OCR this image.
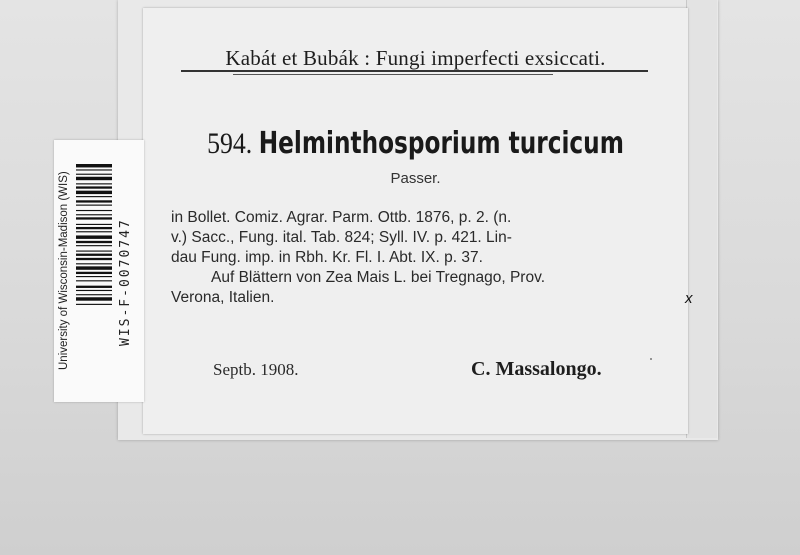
Kabát et Bubák : Fungi imperfecti exsiccati.
594. Helminthosporium turcicum
Passer.

in Bollet. Comiz. Agrar. Parm. Ottb. 1876, p. 2. (n.
v.) Sacc., Fung. ital. Tab. 824; Syll. IV. p. 421. Lin-
dau Fung. imp. in Rbh. Kr. Fl. I. Abt. IX. p. 37.
Auf Blättern von Zea Mais L. bei Tregnago, Prov.
Verona, Italien.

Septb. 1908.	C. Massalongo.
x
University of Wisconsin-Madison (WIS)	WIS-F-0070747
